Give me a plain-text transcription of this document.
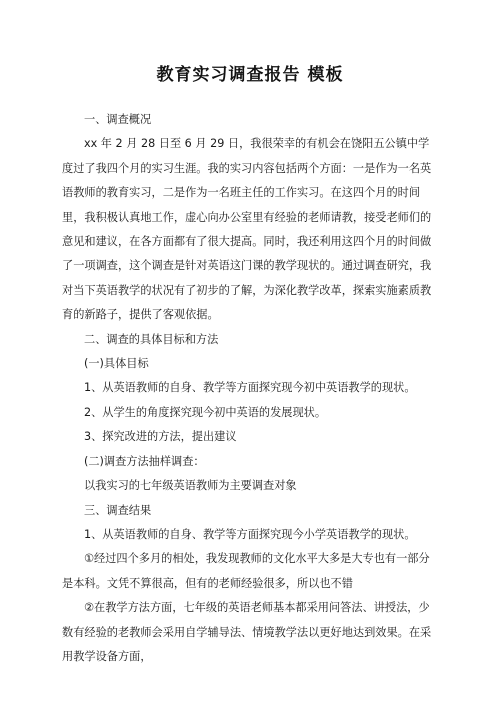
教育实习调查报告 模板

一、调查概况

xx 年 2 月 28 日至 6 月 29 日，我很荣幸的有机会在饶阳五公镇中学度过了我四个月的实习生涯。我的实习内容包括两个方面：一是作为一名英语教师的教育实习，二是作为一名班主任的工作实习。在这四个月的时间里，我积极认真地工作，虚心向办公室里有经验的老师请教，接受老师们的意见和建议，在各方面都有了很大提高。同时，我还利用这四个月的时间做了一项调查，这个调查是针对英语这门课的教学现状的。通过调查研究，我对当下英语教学的状况有了初步的了解，为深化教学改革，探索实施素质教育的新路子，提供了客观依据。

二、调查的具体目标和方法

(一)具体目标

1、从英语教师的自身、教学等方面探究现今初中英语教学的现状。

2、从学生的角度探究现今初中英语的发展现状。

3、探究改进的方法，提出建议

(二)调查方法抽样调查：

以我实习的七年级英语教师为主要调查对象

三、调查结果

1、从英语教师的自身、教学等方面探究现今小学英语教学的现状。

①经过四个多月的相处，我发现教师的文化水平大多是大专也有一部分是本科。文凭不算很高，但有的老师经验很多，所以也不错

②在教学方法方面，七年级的英语老师基本都采用问答法、讲授法，少数有经验的老教师会采用自学辅导法、情境教学法以更好地达到效果。在采用教学设备方面，
